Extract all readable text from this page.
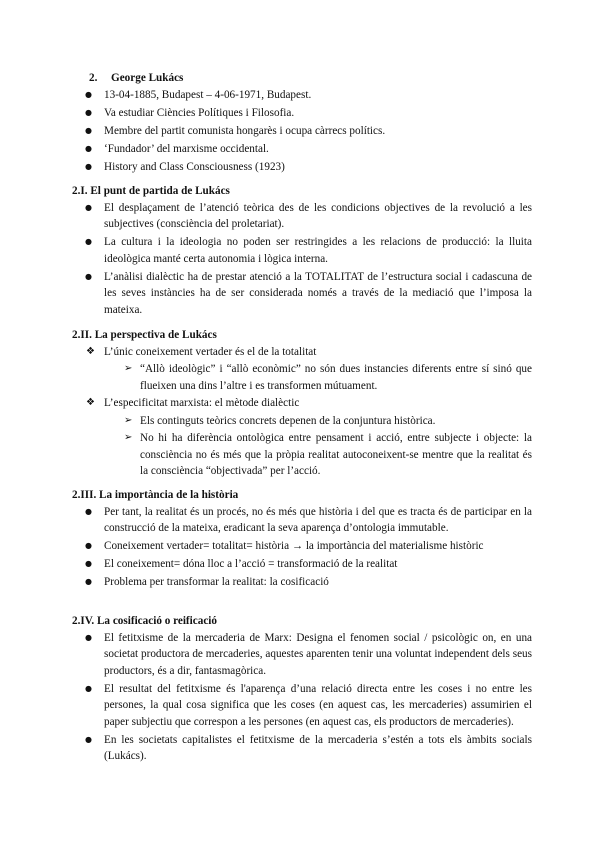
2. George Lukács

● 13-04-1885, Budapest – 4-06-1971, Budapest.
● Va estudiar Ciències Polítiques i Filosofia.
● Membre del partit comunista hongarès i ocupa càrrecs polítics.
● ‘Fundador’ del marxisme occidental.
● History and Class Consciousness (1923)

2.I. El punt de partida de Lukács

● El desplaçament de l’atenció teòrica des de les condicions objectives de la revolució a les subjectives (consciència del proletariat).
● La cultura i la ideologia no poden ser restringides a les relacions de producció: la lluita ideològica manté certa autonomia i lògica interna.
● L’anàlisi dialèctic ha de prestar atenció a la TOTALITAT de l’estructura social i cadascuna de les seves instàncies ha de ser considerada només a través de la mediació que l’imposa la mateixa.

2.II. La perspectiva de Lukács

❖ L’únic coneixement vertader és el de la totalitat
➢ “Allò ideològic” i “allò econòmic” no són dues instancies diferents entre sí sinó que flueixen una dins l’altre i es transformen mútuament.
❖ L’especificitat marxista: el mètode dialèctic
➢ Els continguts teòrics concrets depenen de la conjuntura històrica.
➢ No hi ha diferència ontològica entre pensament i acció, entre subjecte i objecte: la consciència no és més que la pròpia realitat autoconeixent-se mentre que la realitat és la consciència “objectivada” per l’acció.

2.III. La importància de la història

● Per tant, la realitat és un procés, no és més que història i del que es tracta és de participar en la construcció de la mateixa, eradicant la seva aparença d’ontologia immutable.
● Coneixement vertader= totalitat= història → la importància del materialisme històric
● El coneixement= dóna lloc a l’acció = transformació de la realitat
● Problema per transformar la realitat: la cosificació

2.IV. La cosificació o reificació

● El fetitxisme de la mercaderia de Marx: Designa el fenomen social / psicològic on, en una societat productora de mercaderies, aquestes aparenten tenir una voluntat independent dels seus productors, és a dir, fantasmagòrica.
● El resultat del fetitxisme és l'aparença d’una relació directa entre les coses i no entre les persones, la qual cosa significa que les coses (en aquest cas, les mercaderies) assumirien el paper subjectiu que correspon a les persones (en aquest cas, els productors de mercaderies).
● En les societats capitalistes el fetitxisme de la mercaderia s’estén a tots els àmbits socials (Lukács).
